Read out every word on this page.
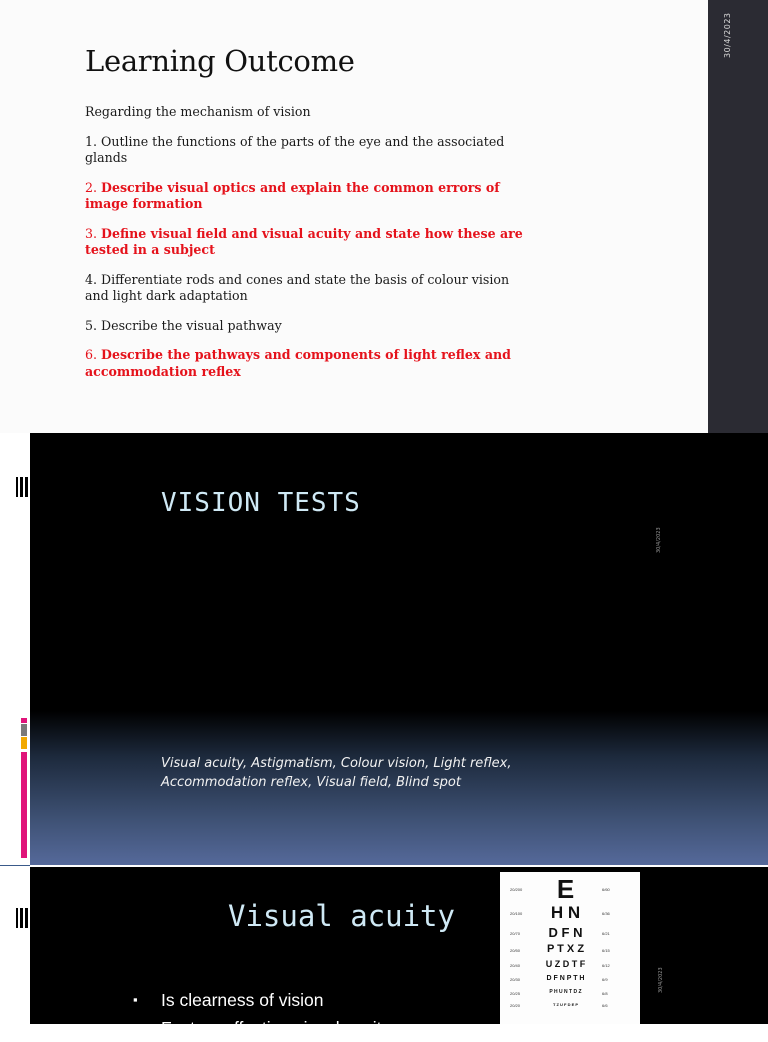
30/4/2023
Learning Outcome

Regarding the mechanism of vision

1. Outline the functions of the parts of the eye and the associated glands

2. Describe visual optics and explain the common errors of image formation

3. Define visual field and visual acuity and state how these are tested in a subject

4. Differentiate rods and cones and state the basis of colour vision and light dark adaptation

5. Describe the visual pathway

6. Describe the pathways and components of light reflex and accommodation reflex

VISION TESTS
30/4/2023
Visual acuity, Astigmatism, Colour vision, Light reflex, Accommodation reflex, Visual field, Blind spot
Visual acuity
30/4/2023
▪ Is clearness of vision
▪ Factors affecting visual acuity
20/200	E	6/60
20/100	H N	6/36
20/70	D F N	6/21
20/50	P T X Z	6/15
20/40	U Z D T F	6/12
20/30	D F N P T H	6/9
20/25	P H U N T D Z	6/8
20/20	T Z U F D E P	6/6
